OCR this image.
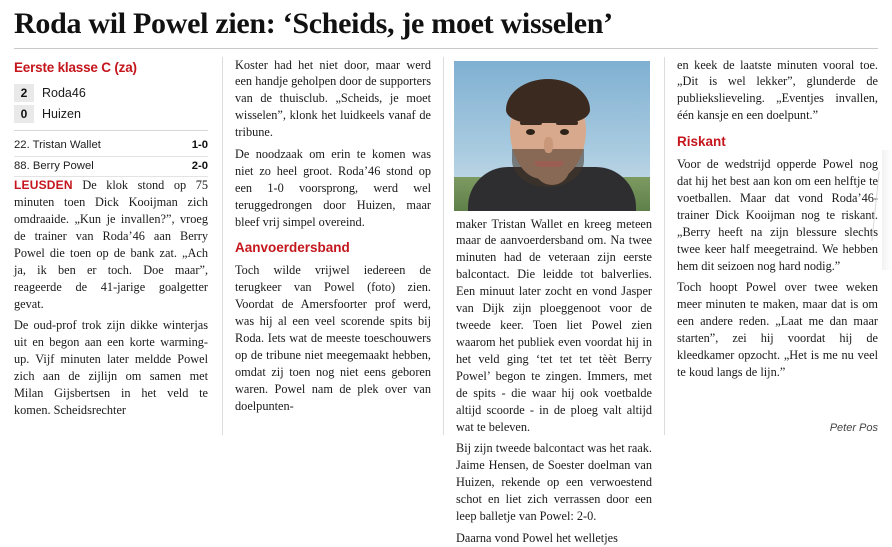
Roda wil Powel zien: ‘Scheids, je moet wisselen’
Eerste klasse C (za)
2	Roda46
0	Huizen
22. Tristan Wallet	1-0
88. Berry Powel	2-0

LEUSDEN De klok stond op 75 minuten toen Dick Kooijman zich omdraaide. „Kun je invallen?”, vroeg de trainer van Roda’46 aan Berry Powel die toen op de bank zat. „Ach ja, ik ben er toch. Doe maar”, reageerde de 41-jarige goalgetter gevat.

De oud-prof trok zijn dikke winterjas uit en begon aan een korte warming-up. Vijf minuten later meldde Powel zich aan de zijlijn om samen met Milan Gijsbertsen in het veld te komen. Scheidsrechter

Koster had het niet door, maar werd een handje geholpen door de supporters van de thuisclub. „Scheids, je moet wisselen”, klonk het luidkeels vanaf de tribune.

De noodzaak om erin te komen was niet zo heel groot. Roda’46 stond op een 1-0 voorsprong, werd wel teruggedrongen door Huizen, maar bleef vrij simpel overeind.

Aanvoerdersband

Toch wilde vrijwel iedereen de terugkeer van Powel (foto) zien. Voordat de Amersfoorter prof werd, was hij al een veel scorende spits bij Roda. Iets wat de meeste toeschouwers op de tribune niet meegemaakt hebben, omdat zij toen nog niet eens geboren waren. Powel nam de plek over van doelpunten-

maker Tristan Wallet en kreeg meteen maar de aanvoerdersband om. Na twee minuten had de veteraan zijn eerste balcontact. Die leidde tot balverlies. Een minuut later zocht en vond Jasper van Dijk zijn ploeggenoot voor de tweede keer. Toen liet Powel zien waarom het publiek even voordat hij in het veld ging ‘tet tet tet tèèt Berry Powel’ begon te zingen. Immers, met de spits - die waar hij ook voetbalde altijd scoorde - in de ploeg valt altijd wat te beleven.

Bij zijn tweede balcontact was het raak. Jaime Hensen, de Soester doelman van Huizen, rekende op een verwoestend schot en liet zich verrassen door een leep balletje van Powel: 2-0.

Daarna vond Powel het welletjes

en keek de laatste minuten vooral toe. „Dit is wel lekker”, glunderde de publiekslieveling. „Eventjes invallen, één kansje en een doelpunt.”

Riskant

Voor de wedstrijd opperde Powel nog dat hij het best aan kon om een helftje te voetballen. Maar dat vond Roda’46-trainer Dick Kooijman nog te riskant. „Berry heeft na zijn blessure slechts twee keer half meegetraind. We hebben hem dit seizoen nog hard nodig.”

Toch hoopt Powel over twee weken meer minuten te maken, maar dat is om een andere reden. „Laat me dan maar starten”, zei hij voordat hij de kleedkamer opzocht. „Het is me nu veel te koud langs de lijn.”

Peter Pos
